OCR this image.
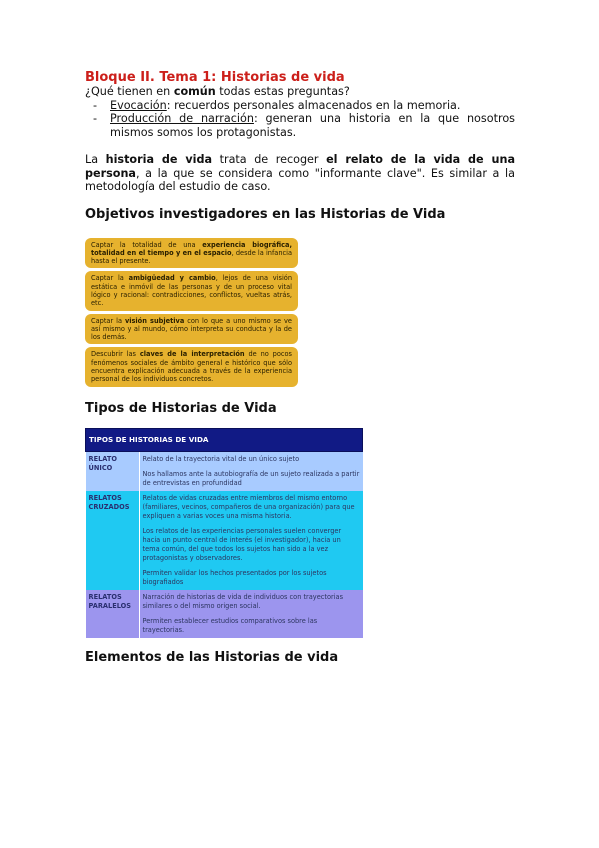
Bloque II. Tema 1: Historias de vida

¿Qué tienen en común todas estas preguntas?

- Evocación: recuerdos personales almacenados en la memoria.
- Producción de narración: generan una historia en la que nosotros mismos somos los protagonistas.

La historia de vida trata de recoger el relato de la vida de una persona, a la que se considera como "informante clave". Es similar a la metodología del estudio de caso.

Objetivos investigadores en las Historias de Vida
Captar la totalidad de una experiencia biográfica, totalidad en el tiempo y en el espacio, desde la infancia hasta el presente.
Captar la ambigüedad y cambio, lejos de una visión estática e inmóvil de las personas y de un proceso vital lógico y racional: contradicciones, conflictos, vueltas atrás, etc.
Captar la visión subjetiva con lo que a uno mismo se ve así mismo y al mundo, cómo interpreta su conducta y la de los demás.
Descubrir las claves de la interpretación de no pocos fenómenos sociales de ámbito general e histórico que sólo encuentra explicación adecuada a través de la experiencia personal de los individuos concretos.
Tipos de Historias de Vida
TIPOS DE HISTORIAS DE VIDA	
RELATO ÚNICO	Relato de la trayectoria vital de un único sujeto

Nos hallamos ante la autobiografía de un sujeto realizada a partir de entrevistas en profundidad

RELATOS CRUZADOS	Relatos de vidas cruzadas entre miembros del mismo entorno (familiares, vecinos, compañeros de una organización) para que expliquen a varias voces una misma historia.

Los relatos de las experiencias personales suelen converger hacia un punto central de interés (el investigador), hacia un tema común, del que todos los sujetos han sido a la vez protagonistas y observadores.

Permiten validar los hechos presentados por los sujetos biografiados

RELATOS PARALELOS	Narración de historias de vida de individuos con trayectorias similares o del mismo origen social.

Permiten establecer estudios comparativos sobre las trayectorias.

Elementos de las Historias de vida
